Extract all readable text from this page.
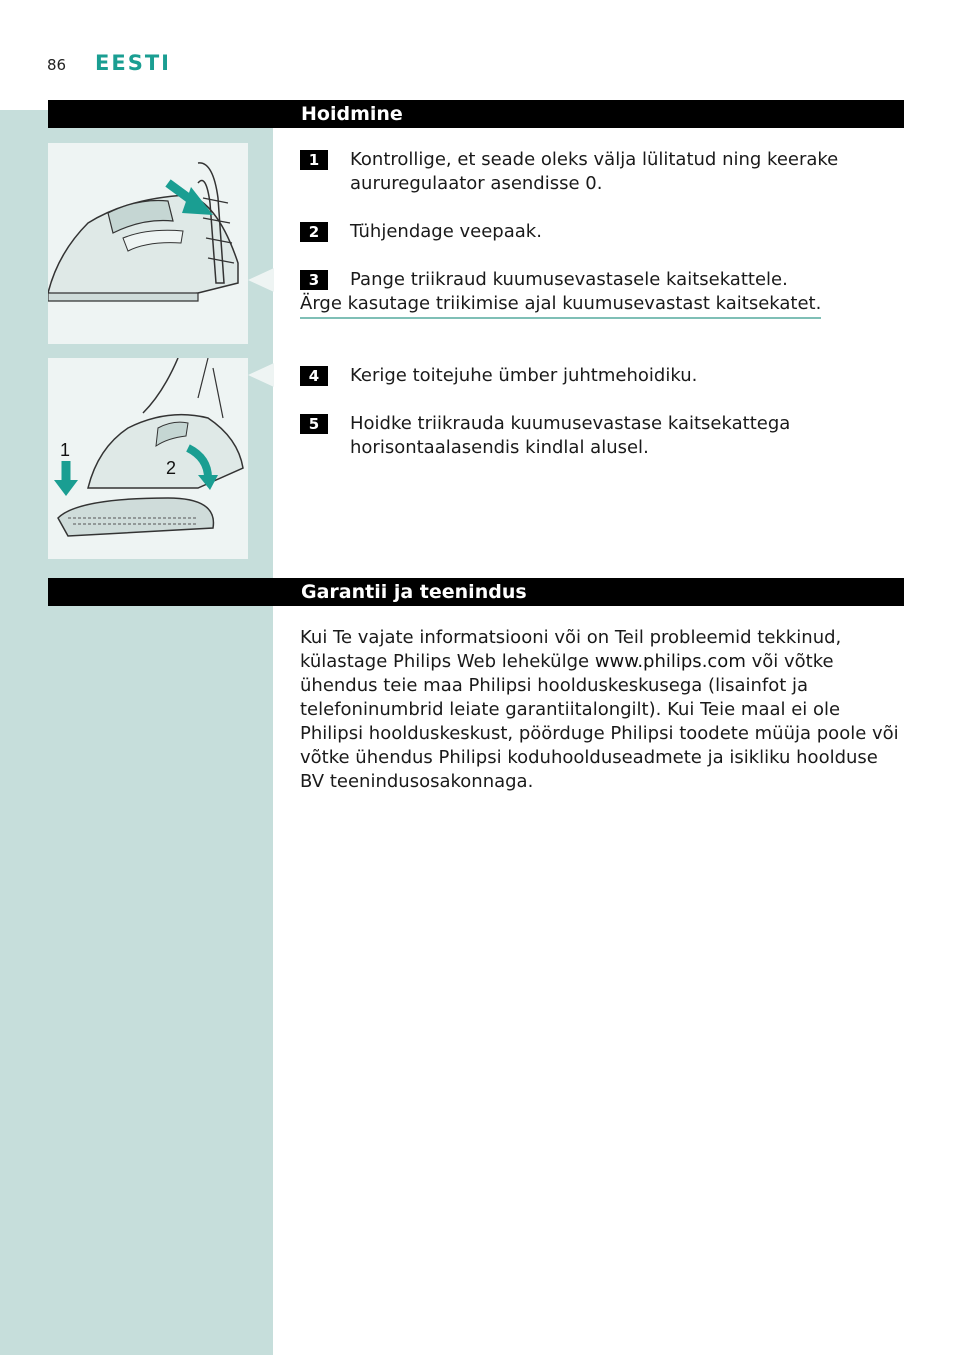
86 EESTI
Hoidmine
1
2
1	Kontrollige, et seade oleks välja lülitatud ning keerake
aururegulaator asendisse 0.
2	Tühjendage veepaak.
3	Pange triikraud kuumusevastasele kaitsekattele.
Ärge kasutage triikimise ajal kuumusevastast kaitsekatet.
4	Kerige toitejuhe ümber juhtmehoidiku.
5	Hoidke triikrauda kuumusevastase kaitsekattega
horisontaalasendis kindlal alusel.
Garantii ja teenindus
Kui Te vajate informatsiooni või on Teil probleemid tekkinud, külastage Philips Web lehekülge www.philips.com või võtke ühendus teie maa Philipsi hoolduskeskusega (lisainfot ja telefoninumbrid leiate garantiitalongilt). Kui Teie maal ei ole Philipsi hoolduskeskust, pöörduge Philipsi toodete müüja poole või võtke ühendus Philipsi koduhoolduseadmete ja isikliku hoolduse BV teenindusosakonnaga.
